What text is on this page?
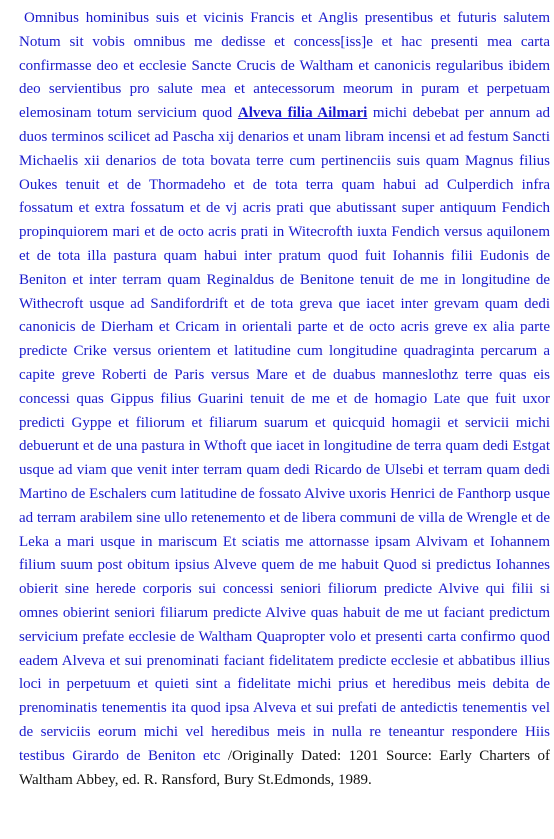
Omnibus hominibus suis et vicinis Francis et Anglis presentibus et futuris salutem Notum sit vobis omnibus me dedisse et concess[iss]e et hac presenti mea carta confirmasse deo et ecclesie Sancte Crucis de Waltham et canonicis regularibus ibidem deo servientibus pro salute mea et antecessorum meorum in puram et perpetuam elemosinam totum servicium quod Alveva filia Ailmari michi debebat per annum ad duos terminos scilicet ad Pascha xij denarios et unam libram incensi et ad festum Sancti Michaelis xii denarios de tota bovata terre cum pertinenciis suis quam Magnus filius Oukes tenuit et de Thormadeho et de tota terra quam habui ad Culperdich infra fossatum et extra fossatum et de vj acris prati que abutissant super antiquum Fendich propinquiorem mari et de octo acris prati in Witecrofth iuxta Fendich versus aquilonem et de tota illa pastura quam habui inter pratum quod fuit Iohannis filii Eudonis de Beniton et inter terram quam Reginaldus de Benitone tenuit de me in longitudine de Withecroft usque ad Sandifordrift et de tota greva que iacet inter grevam quam dedi canonicis de Dierham et Cricam in orientali parte et de octo acris greve ex alia parte predicte Crike versus orientem et latitudine cum longitudine quadraginta percarum a capite greve Roberti de Paris versus Mare et de duabus manneslothz terre quas eis concessi quas Gippus filius Guarini tenuit de me et de homagio Late que fuit uxor predicti Gyppe et filiorum et filiarum suarum et quicquid homagii et servicii michi debuerunt et de una pastura in Wthoft que iacet in longitudine de terra quam dedi Estgat usque ad viam que venit inter terram quam dedi Ricardo de Ulsebi et terram quam dedi Martino de Eschalers cum latitudine de fossato Alvive uxoris Henrici de Fanthorp usque ad terram arabilem sine ullo retenemento et de libera communi de villa de Wrengle et de Leka a mari usque in mariscum Et sciatis me attornasse ipsam Alvivam et Iohannem filium suum post obitum ipsius Alveve quem de me habuit Quod si predictus Iohannes obierit sine herede corporis sui concessi seniori filiorum predicte Alvive qui filii si omnes obierint seniori filiarum predicte Alvive quas habuit de me ut faciant predictum servicium prefate ecclesie de Waltham Quapropter volo et presenti carta confirmo quod eadem Alveva et sui prenominati faciant fidelitatem predicte ecclesie et abbatibus illius loci in perpetuum et quieti sint a fidelitate michi prius et heredibus meis debita de prenominatis tenementis ita quod ipsa Alveva et sui prefati de antedictis tenementis vel de serviciis eorum michi vel heredibus meis in nulla re teneantur respondere Hiis testibus Girardo de Beniton etc /Originally Dated: 1201 Source: Early Charters of Waltham Abbey, ed. R. Ransford, Bury St.Edmonds, 1989.
